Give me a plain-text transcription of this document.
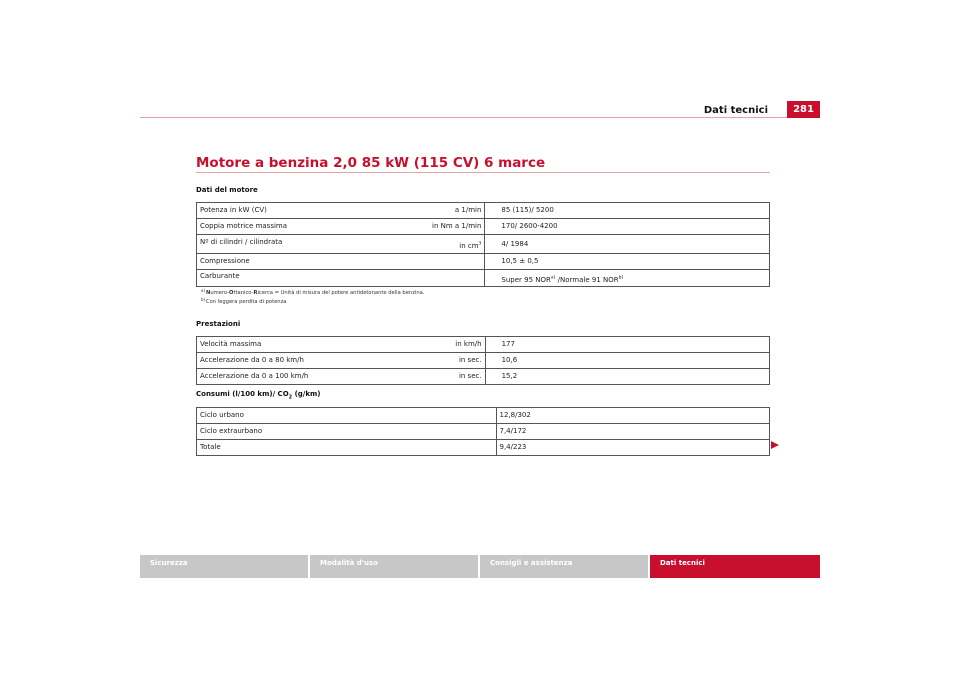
Dati tecnici	281
Motore a benzina 2,0 85 kW (115 CV) 6 marce
Dati del motore
Potenza in kW (CV) a 1/min	85 (115)/ 5200
Coppia motrice massima in Nm a 1/min	170/ 2600-4200

Nº di cilindri / cilindrata in $cm^3$	4/ 1984
Compressione	10,5 ± 0,5
Carburante	Super 95 NOR$^{a)}$ /Normale 91 NOR$^{b)}$
a) Numero-Ottanico-Ricerca = Unità di misura del potere antidetonante della benzina.
b) Con leggera perdita di potenza
Prestazioni
Velocità massima in km/h	177
Accelerazione da 0 a 80 km/h in sec.	10,6
Accelerazione da 0 a 100 km/h in sec.	15,2
Consumi (l/100 km)/ $CO_2$ (g/km)
Ciclo urbano	12,8/302
Ciclo extraurbano	7,4/172
Totale	9,4/223
Sicurezza	Modalità d'uso	Consigli e assistenza	Dati tecnici
